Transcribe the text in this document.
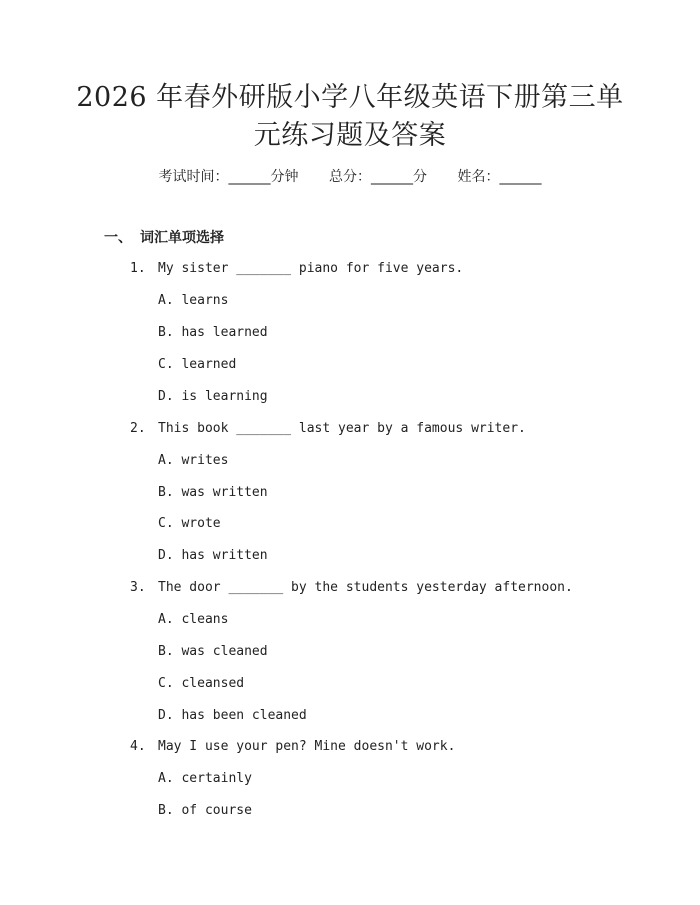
2026 年春外研版小学八年级英语下册第三单
元练习题及答案
考试时间：______分钟 总分：______分 姓名：______
一、 词汇单项选择
1. My sister _______ piano for five years.
A. learns
B. has learned
C. learned
D. is learning
2. This book _______ last year by a famous writer.
A. writes
B. was written
C. wrote
D. has written
3. The door _______ by the students yesterday afternoon.
A. cleans
B. was cleaned
C. cleansed
D. has been cleaned
4. May I use your pen? Mine doesn't work.
A. certainly
B. of course
